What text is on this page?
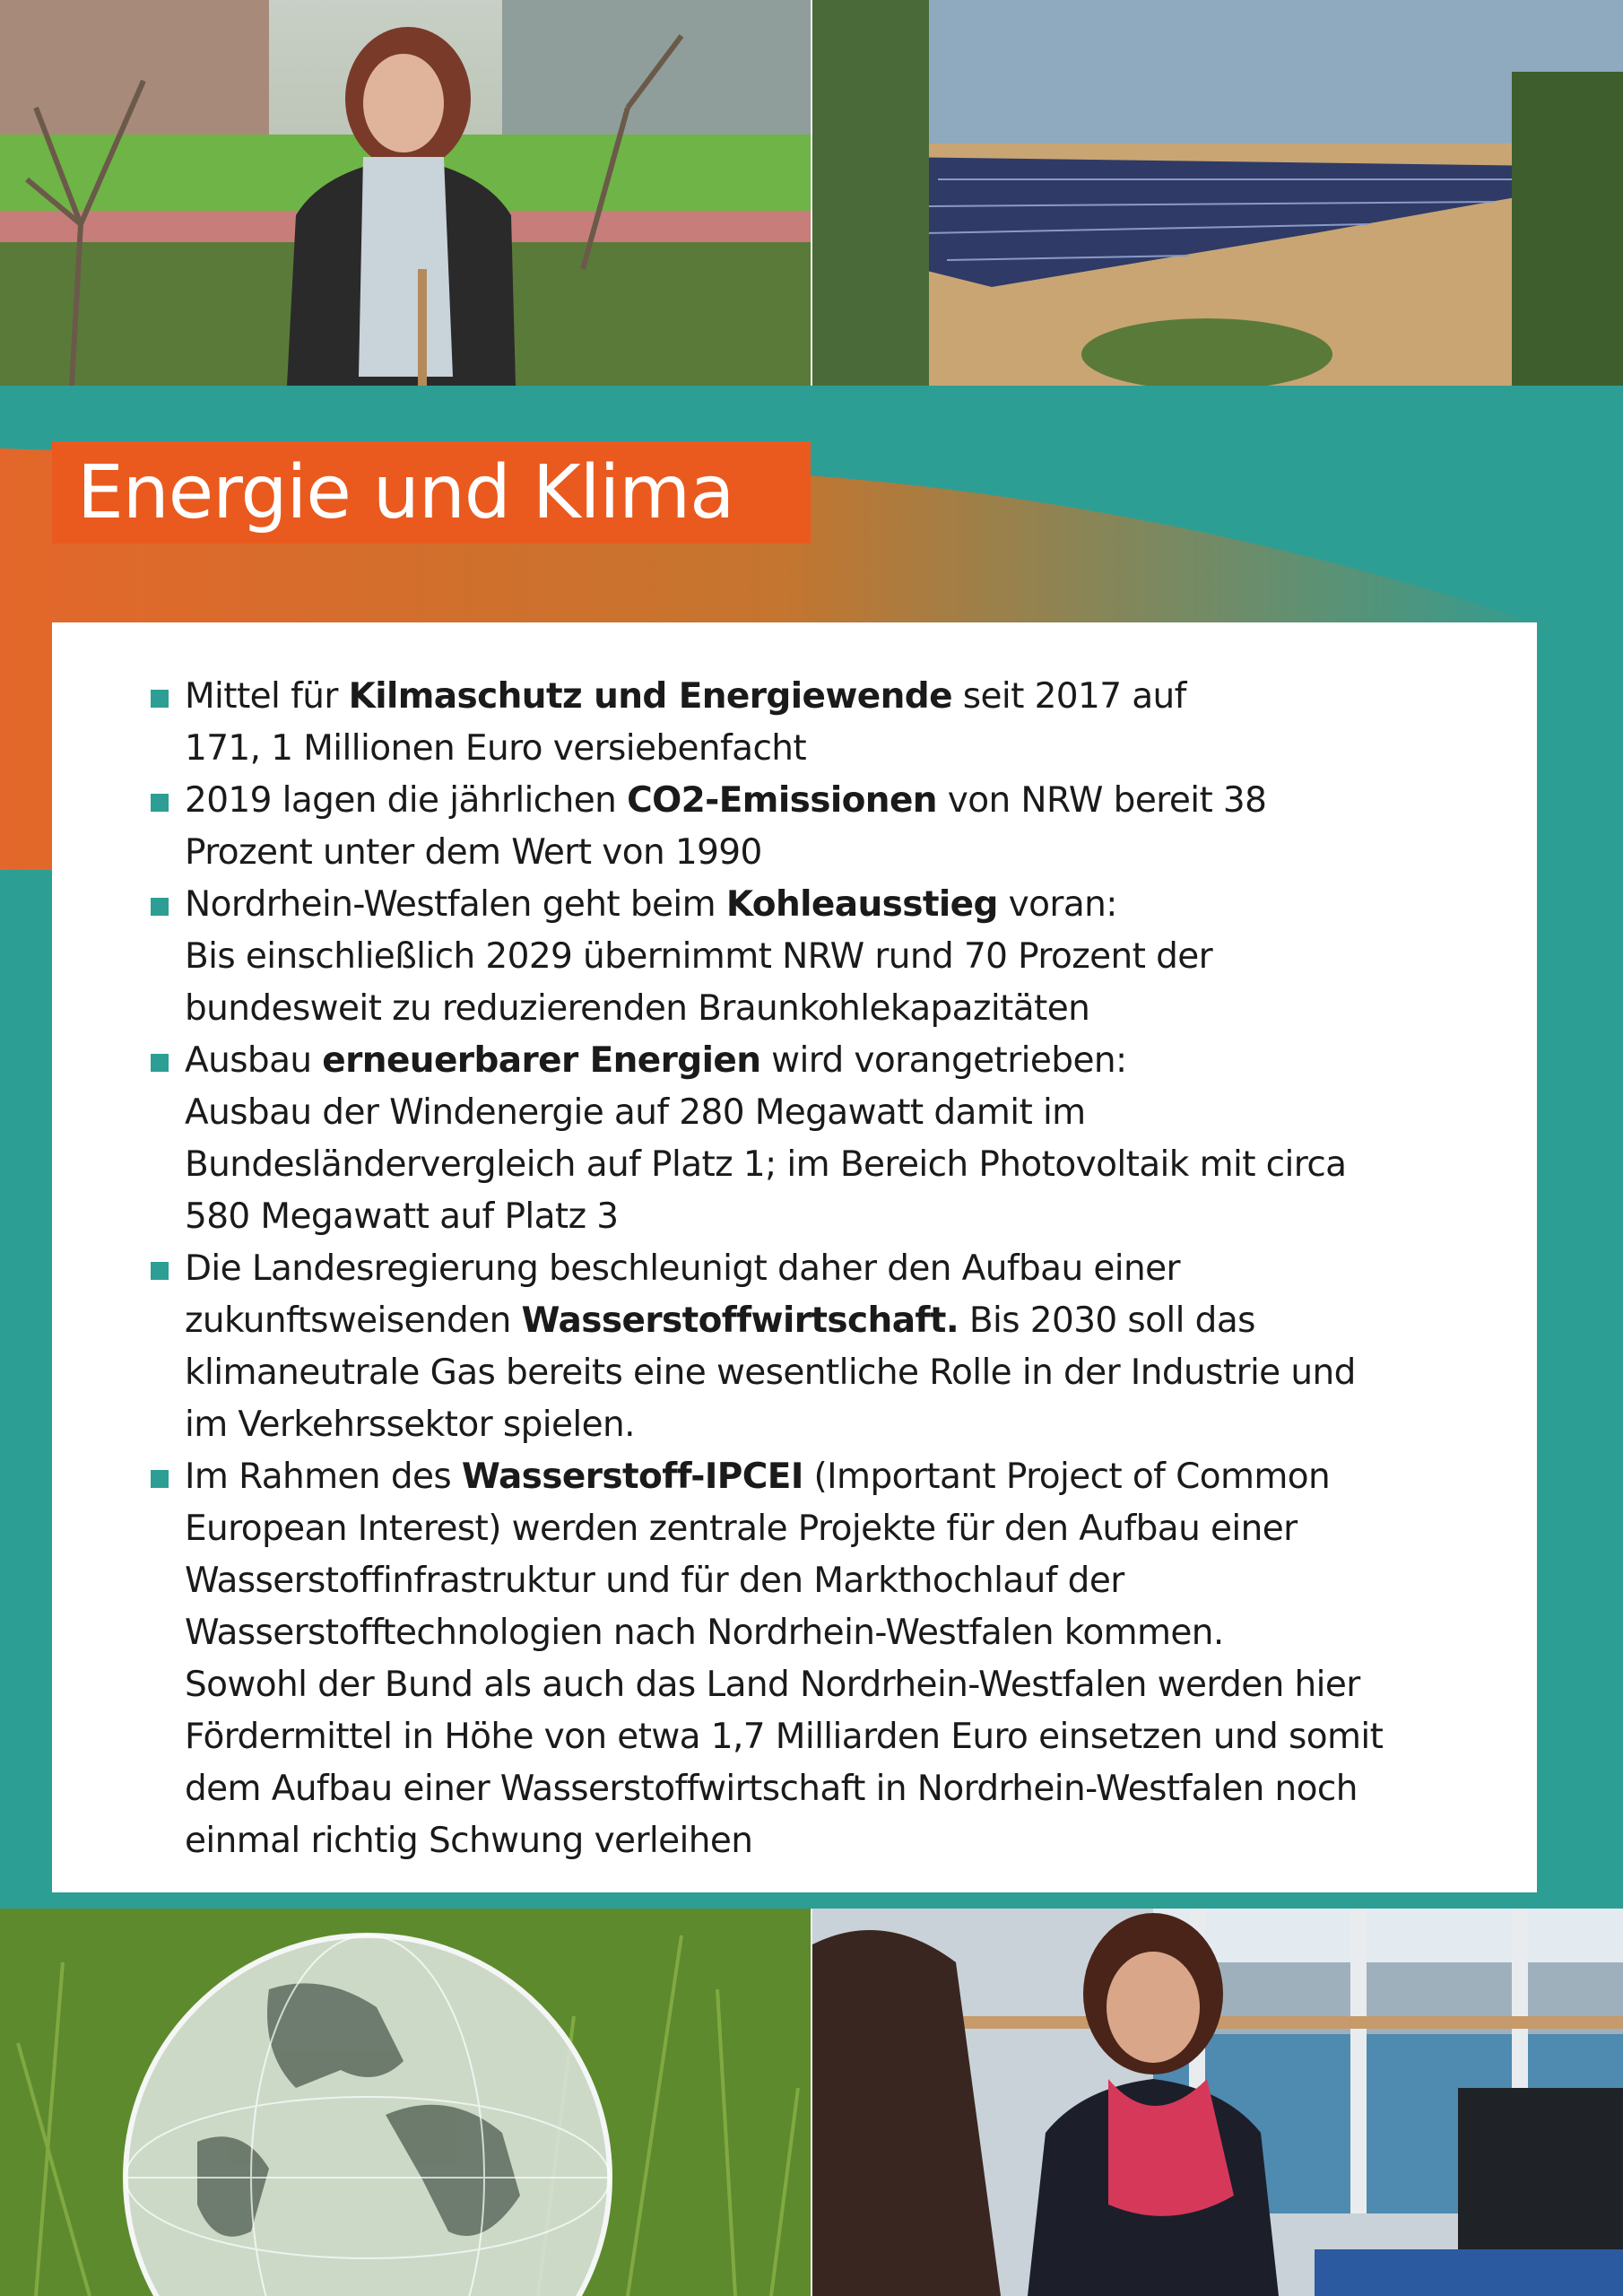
Energie und Klima
Mittel für Kilmaschutz und Energiewende seit 2017 auf
171, 1 Millionen Euro versiebenfacht
2019 lagen die jährlichen CO2-Emissionen von NRW bereit 38
Prozent unter dem Wert von 1990
Nordrhein-Westfalen geht beim Kohleausstieg voran:
Bis einschließlich 2029 übernimmt NRW rund 70 Prozent der
bundesweit zu reduzierenden Braunkohlekapazitäten
Ausbau erneuerbarer Energien wird vorangetrieben:
Ausbau der Windenergie auf 280 Megawatt damit im
Bundesländervergleich auf Platz 1; im Bereich Photovoltaik mit circa
580 Megawatt auf Platz 3
Die Landesregierung beschleunigt daher den Aufbau einer
zukunftsweisenden Wasserstoffwirtschaft. Bis 2030 soll das
klimaneutrale Gas bereits eine wesentliche Rolle in der Industrie und
im Verkehrssektor spielen.
Im Rahmen des Wasserstoff-IPCEI (Important Project of Common
European Interest) werden zentrale Projekte für den Aufbau einer
Wasserstoffinfrastruktur und für den Markthochlauf der
Wasserstofftechnologien nach Nordrhein-Westfalen kommen.
Sowohl der Bund als auch das Land Nordrhein-Westfalen werden hier
Fördermittel in Höhe von etwa 1,7 Milliarden Euro einsetzen und somit
dem Aufbau einer Wasserstoffwirtschaft in Nordrhein-Westfalen noch
einmal richtig Schwung verleihen
